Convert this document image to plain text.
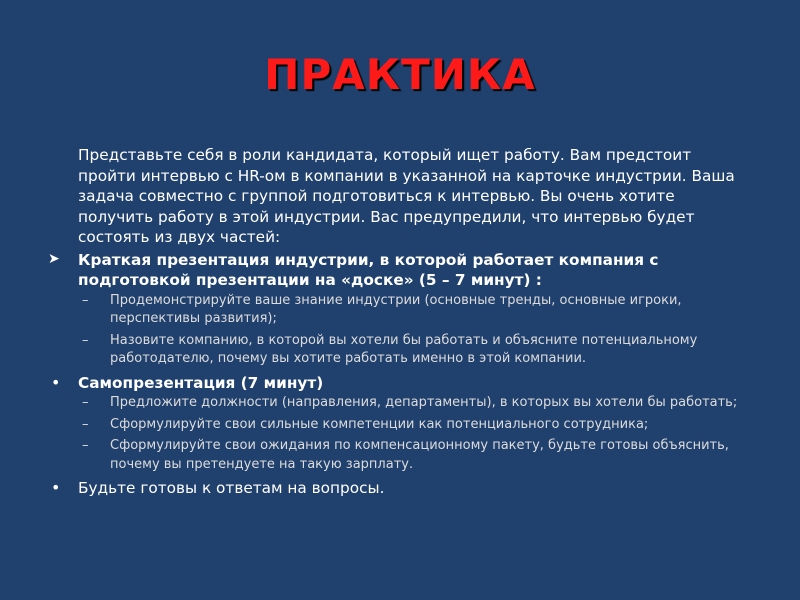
ПРАКТИКА

Представьте себя в роли кандидата, который ищет работу. Вам предстоит пройти интервью с HR-ом в компании в указанной на карточке индустрии. Ваша задача совместно с группой подготовиться к интервью. Вы очень хотите получить работу в этой индустрии. Вас предупредили, что интервью будет состоять из двух частей:

➤	Краткая презентация индустрии, в которой работает компания с подготовкой презентации на «доске» (5 – 7 минут) :
– Продемонстрируйте ваше знание индустрии (основные тренды, основные игроки, перспективы развития);
– Назовите компанию, в которой вы хотели бы работать и объясните потенциальному работодателю, почему вы хотите работать именно в этой компании.
•	Самопрезентация (7 минут)
– Предложите должности (направления, департаменты), в которых вы хотели бы работать;
– Сформулируйте свои сильные компетенции как потенциального сотрудника;
– Сформулируйте свои ожидания по компенсационному пакету, будьте готовы объяснить, почему вы претендуете на такую зарплату.
•	Будьте готовы к ответам на вопросы.
